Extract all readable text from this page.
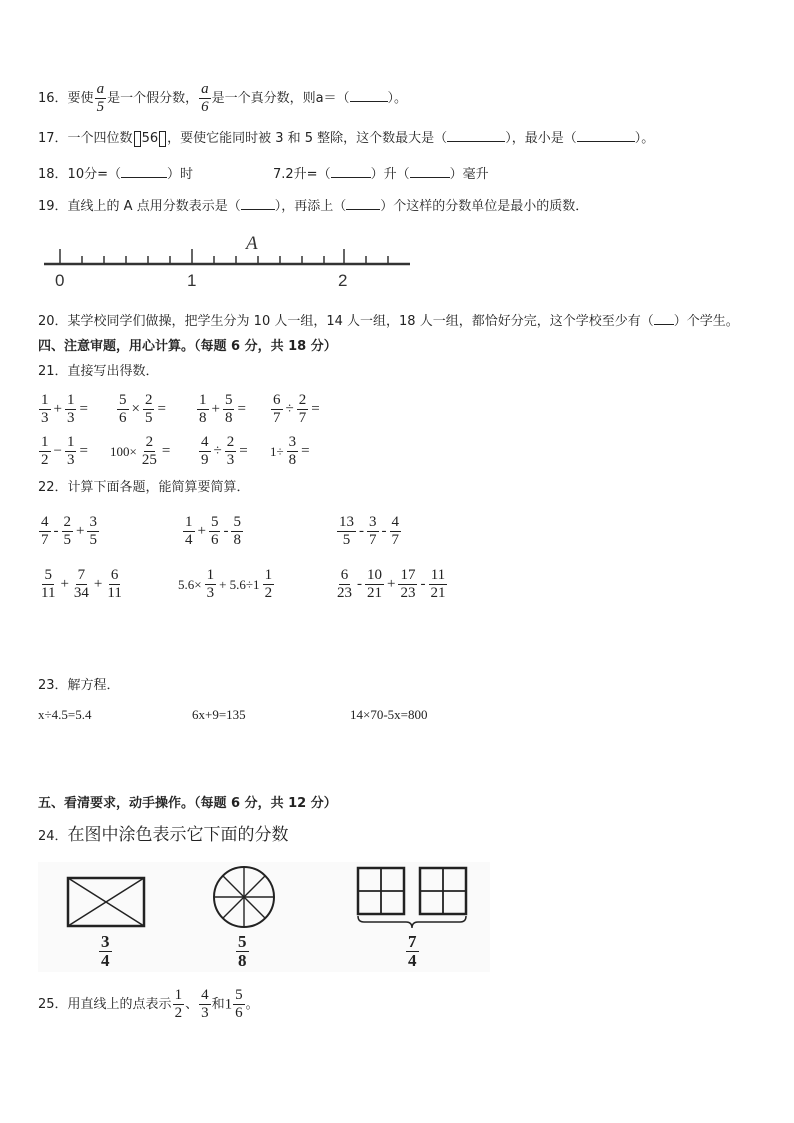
16．要使 $\frac{a}{5}$ 是一个假分数， $\frac{a}{6}$ 是一个真分数，则a＝（	）。
17．一个四位数 56 ，要使它能同时被 3 和 5 整除，这个数最大是（	），最小是（	）。
18．10分=（	）时	7.2升=（	）升（	）毫升
19．直线上的 A 点用分数表示是（	），再添上（	）个这样的分数单位是最小的质数．
0	1	2
A
20．某学校同学们做操，把学生分为 10 人一组，14 人一组，18 人一组，都恰好分完，这个学校至少有（ ）个学生。
四、注意审题，用心计算。（每题 6 分，共 18 分）
21．直接写出得数．
$\frac{1}{3} + \frac{1}{3} = \frac{5}{6} \times \frac{2}{5} = \frac{1}{8} + \frac{5}{8} = \frac{6}{7} \div \frac{2}{7}$ =
$\frac{1}{2} - \frac{1}{3} = 100\times \frac{2}{25} = \frac{4}{9} \div \frac{2}{3} = 1\div \frac{3}{8}$ =
22．计算下面各题，能简算要简算．
$\frac{4}{7} - \frac{2}{5} + \frac{3}{5}$	$\frac{1}{4} + \frac{5}{6} - \frac{5}{8}$	$\frac{13}{5} - \frac{3}{7} - \frac{4}{7}$
$\frac{5}{11} + \frac{7}{34} + \frac{6}{11}$	$5.6\times \frac{1}{3} + 5.6\div 1 \frac{1}{2}$	$\frac{6}{23} - \frac{10}{21} + \frac{17}{23} - \frac{11}{21}$
23．解方程．
x÷4.5=5.4	6x+9=135	14×70-5x=800
五、看清要求，动手操作。（每题 6 分，共 12 分）
24．在图中涂色表示它下面的分数
$\frac{3}{4}$	$\frac{5}{8}$	$\frac{7}{4}$
25．用直线上的点表示 $\frac{1}{2}$ 、 $\frac{4}{3}$ 和$1 \frac{5}{6}$ 。
